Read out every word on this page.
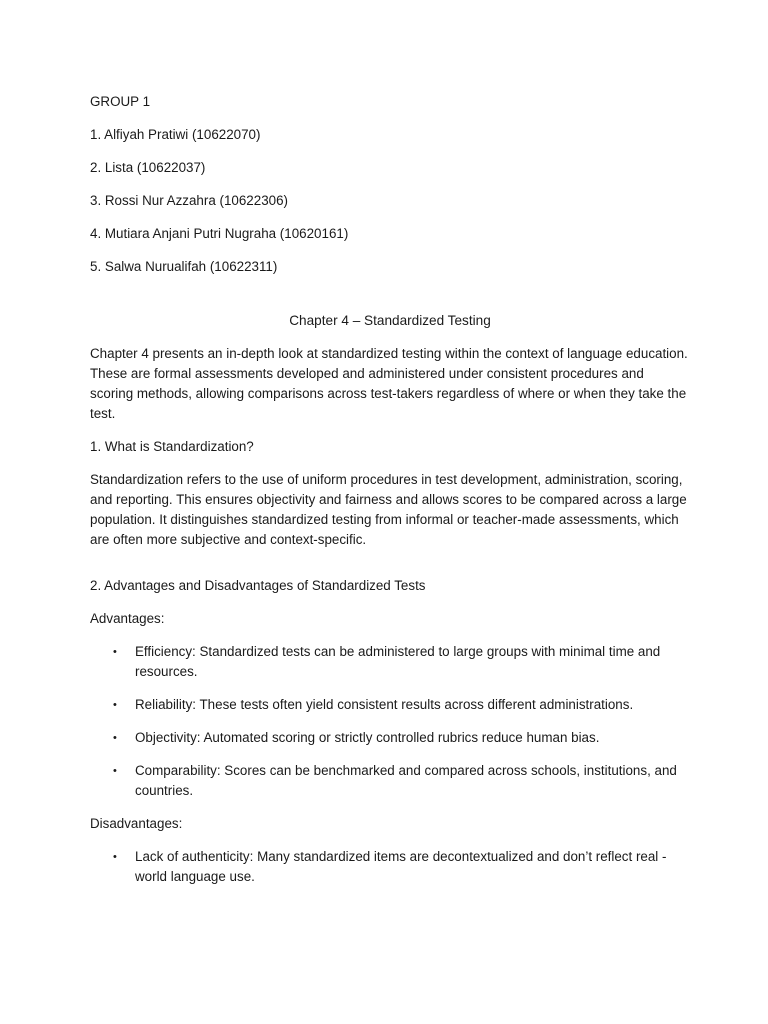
GROUP 1

1. Alfiyah Pratiwi (10622070)

2. Lista (10622037)

3. Rossi Nur Azzahra (10622306)

4. Mutiara Anjani Putri Nugraha (10620161)

5. Salwa Nurualifah (10622311)

Chapter 4 – Standardized Testing

Chapter 4 presents an in-depth look at standardized testing within the context of language education. These are formal assessments developed and administered under consistent procedures and scoring methods, allowing comparisons across test-takers regardless of where or when they take the test.

1. What is Standardization?

Standardization refers to the use of uniform procedures in test development, administration, scoring, and reporting. This ensures objectivity and fairness and allows scores to be compared across a large population. It distinguishes standardized testing from informal or teacher-made assessments, which are often more subjective and context-specific.

2. Advantages and Disadvantages of Standardized Tests

Advantages:

• Efficiency: Standardized tests can be administered to large groups with minimal time and resources.
• Reliability: These tests often yield consistent results across different administrations.
• Objectivity: Automated scoring or strictly controlled rubrics reduce human bias.
• Comparability: Scores can be benchmarked and compared across schools, institutions, and countries.

Disadvantages:

• Lack of authenticity: Many standardized items are decontextualized and don’t reflect real -world language use.
